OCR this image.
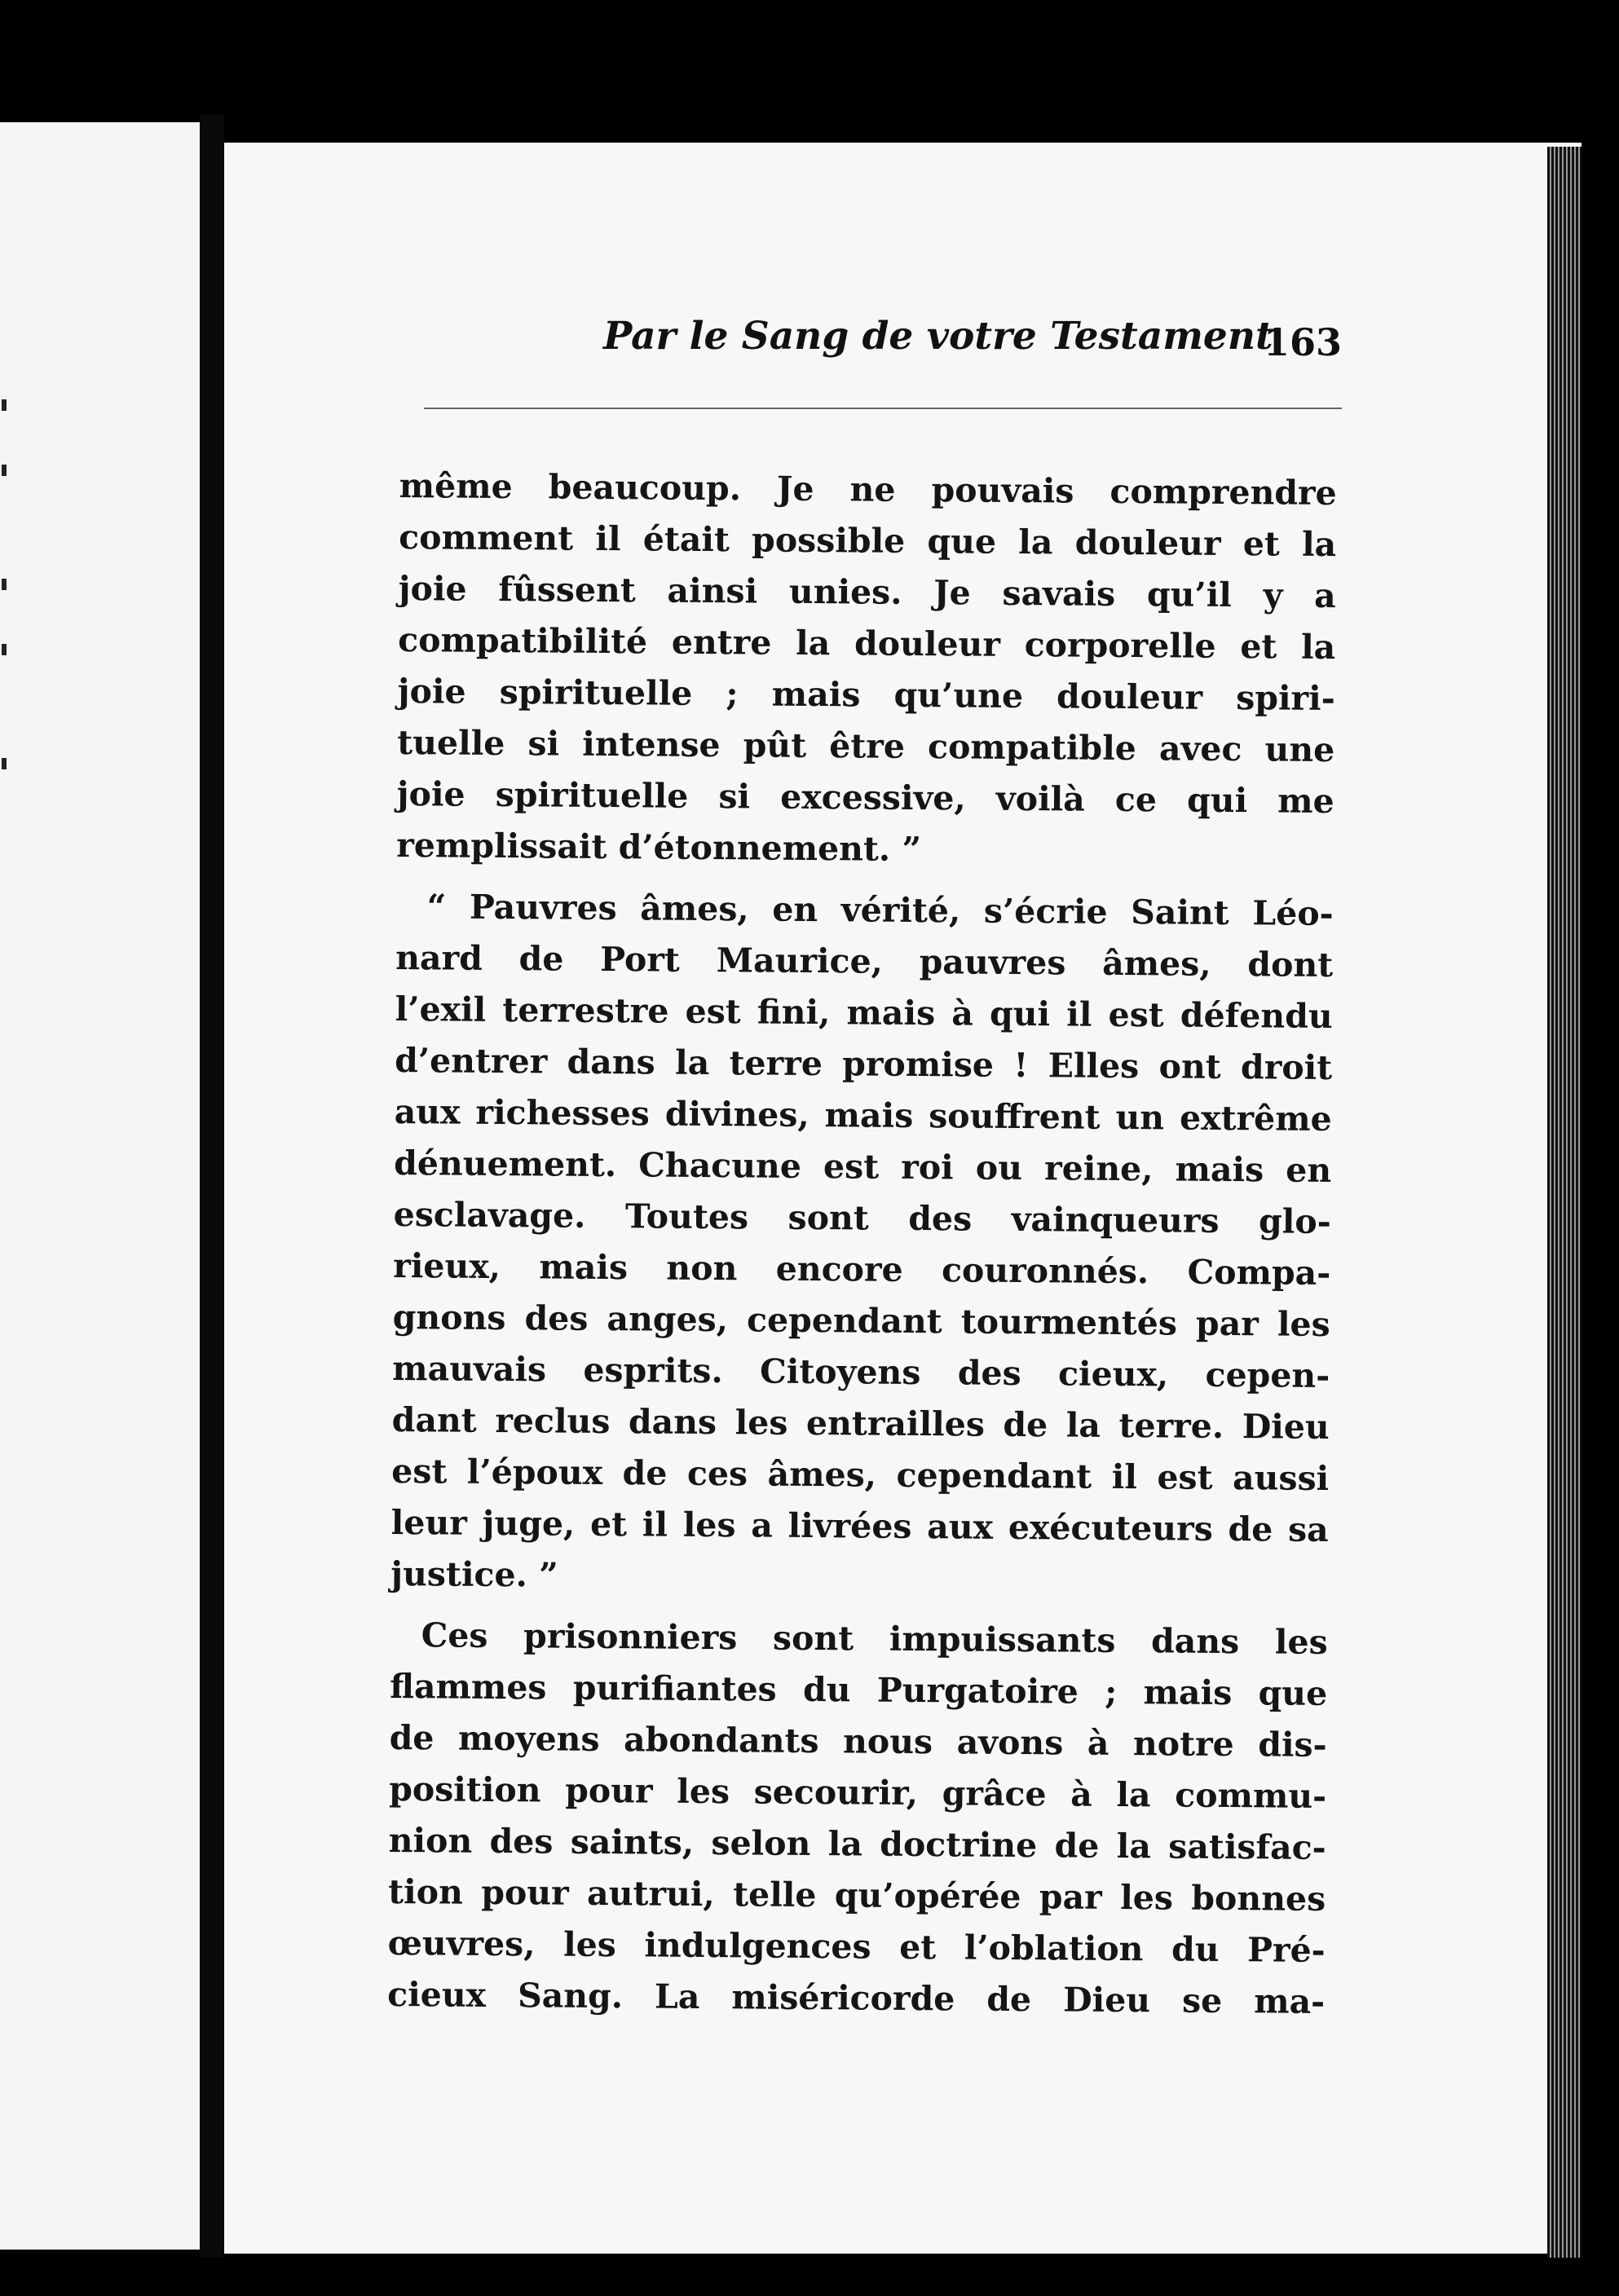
Par le Sang de votre Testament
163
même beaucoup. Je ne pouvais comprendre
comment il était possible que la douleur et la
joie fûssent ainsi unies. Je savais qu’il y a
compatibilité entre la douleur corporelle et la
joie spirituelle ; mais qu’une douleur spiri-
tuelle si intense pût être compatible avec une
joie spirituelle si excessive, voilà ce qui me
remplissait d’étonnement. ”
“ Pauvres âmes, en vérité, s’écrie Saint Léo-
nard de Port Maurice, pauvres âmes, dont
l’exil terrestre est fini, mais à qui il est défendu
d’entrer dans la terre promise ! Elles ont droit
aux richesses divines, mais souffrent un extrême
dénuement. Chacune est roi ou reine, mais en
esclavage. Toutes sont des vainqueurs glo-
rieux, mais non encore couronnés. Compa-
gnons des anges, cependant tourmentés par les
mauvais esprits. Citoyens des cieux, cepen-
dant reclus dans les entrailles de la terre. Dieu
est l’époux de ces âmes, cependant il est aussi
leur juge, et il les a livrées aux exécuteurs de sa
justice. ”
Ces prisonniers sont impuissants dans les
flammes purifiantes du Purgatoire ; mais que
de moyens abondants nous avons à notre dis-
position pour les secourir, grâce à la commu-
nion des saints, selon la doctrine de la satisfac-
tion pour autrui, telle qu’opérée par les bonnes
œuvres, les indulgences et l’oblation du Pré-
cieux Sang. La miséricorde de Dieu se ma-
